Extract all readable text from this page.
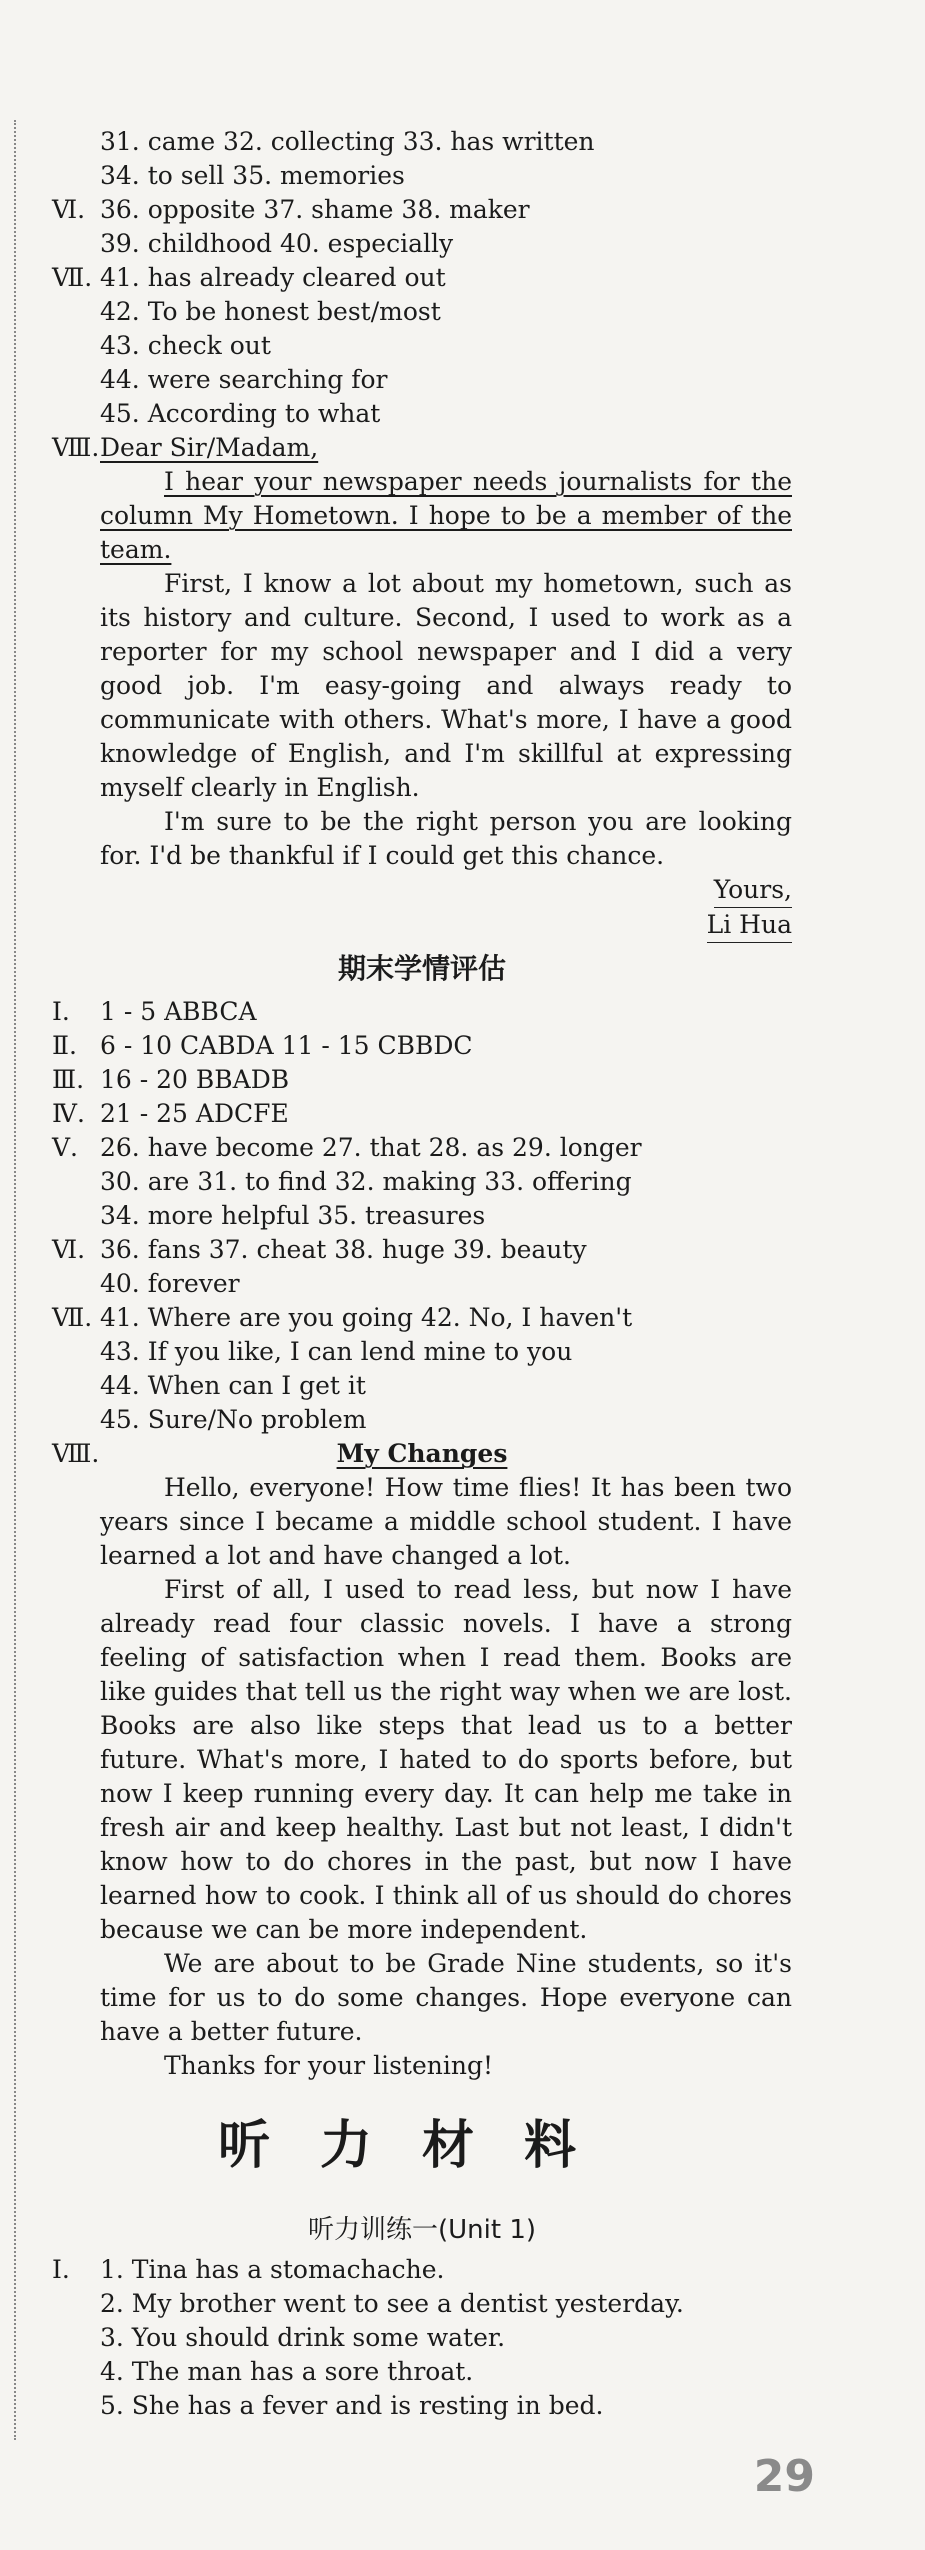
31. came 32. collecting 33. has written
34. to sell 35. memories
Ⅵ. 36. opposite 37. shame 38. maker
39. childhood 40. especially
Ⅶ. 41. has already cleared out
42. To be honest best/most
43. check out
44. were searching for
45. According to what
Ⅷ.Dear Sir/Madam,

I hear your newspaper needs journalists for the column My Hometown. I hope to be a member of the team.

First, I know a lot about my hometown, such as its history and culture. Second, I used to work as a reporter for my school newspaper and I did a very good job. I'm easy-going and always ready to communicate with others. What's more, I have a good knowledge of English, and I'm skillful at expressing myself clearly in English.

I'm sure to be the right person you are looking for. I'd be thankful if I could get this chance.

Yours,
Li Hua
期末学情评估
Ⅰ. 1 - 5 ABBCA
Ⅱ. 6 - 10 CABDA 11 - 15 CBBDC
Ⅲ. 16 - 20 BBADB
Ⅳ. 21 - 25 ADCFE
Ⅴ. 26. have become 27. that 28. as 29. longer
30. are 31. to find 32. making 33. offering
34. more helpful 35. treasures
Ⅵ. 36. fans 37. cheat 38. huge 39. beauty
40. forever
Ⅶ. 41. Where are you going 42. No, I haven't
43. If you like, I can lend mine to you
44. When can I get it
45. Sure/No problem
Ⅷ.	My Changes

Hello, everyone! How time flies! It has been two years since I became a middle school student. I have learned a lot and have changed a lot.

First of all, I used to read less, but now I have already read four classic novels. I have a strong feeling of satisfaction when I read them. Books are like guides that tell us the right way when we are lost. Books are also like steps that lead us to a better future. What's more, I hated to do sports before, but now I keep running every day. It can help me take in fresh air and keep healthy. Last but not least, I didn't know how to do chores in the past, but now I have learned how to cook. I think all of us should do chores because we can be more independent.

We are about to be Grade Nine students, so it's time for us to do some changes. Hope everyone can have a better future.

Thanks for your listening!

听力材料
听力训练一(Unit 1)
Ⅰ. 1. Tina has a stomachache.
2. My brother went to see a dentist yesterday.
3. You should drink some water.
4. The man has a sore throat.
5. She has a fever and is resting in bed.
29
